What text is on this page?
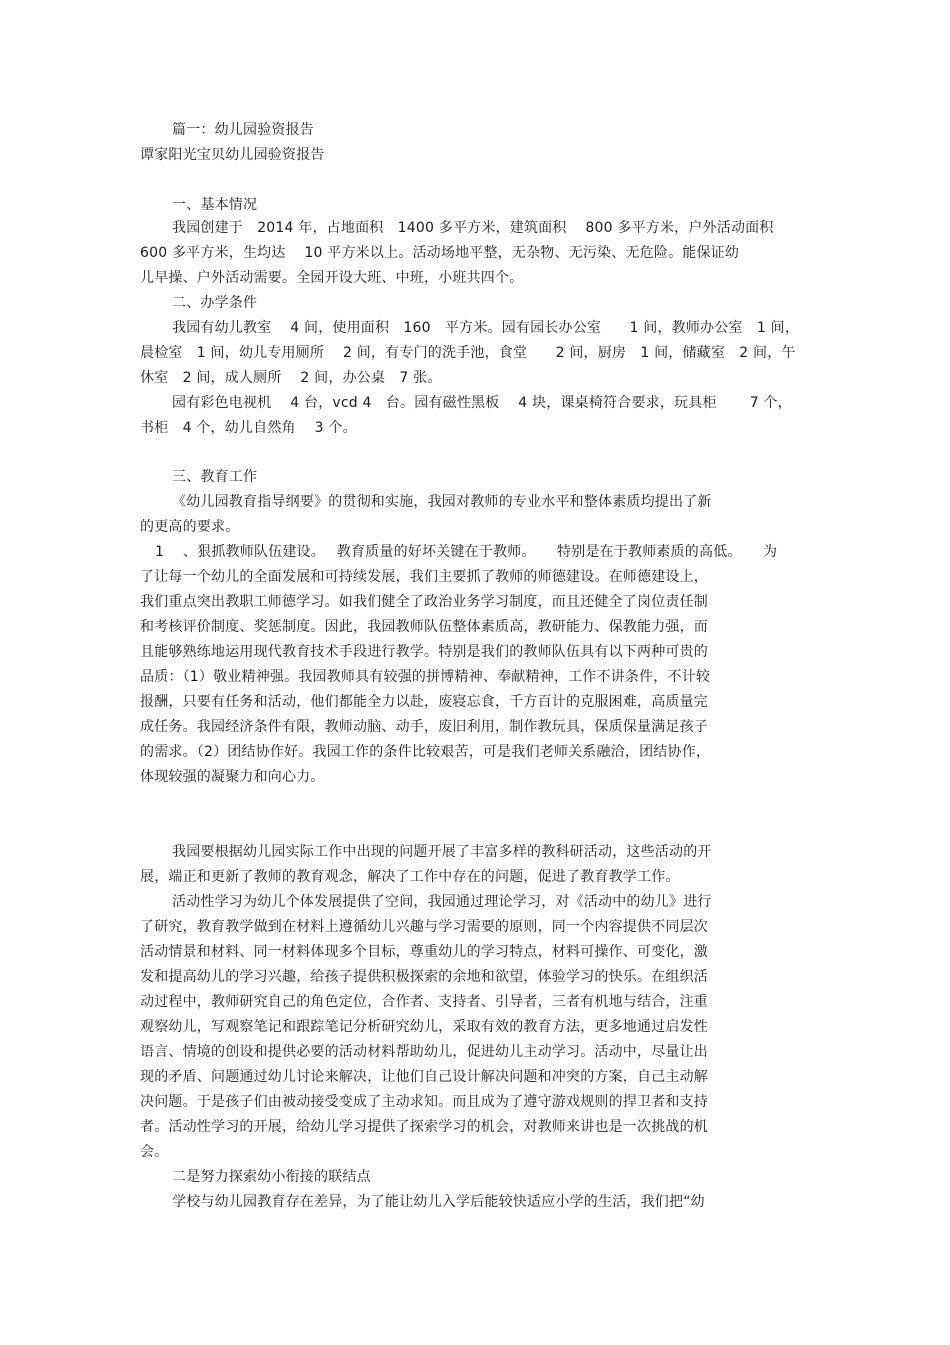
篇一：幼儿园验资报告

谭家阳光宝贝幼儿园验资报告

一、基本情况

我园创建于　2014 年，占地面积　1400 多平方米，建筑面积　 800 多平方米，户外活动面积

600 多平方米，生均达　 10 平方米以上。活动场地平整，无杂物、无污染、无危险。能保证幼

儿早操、户外活动需要。全园开设大班、中班，小班共四个。

二、办学条件

我园有幼儿教室　 4 间，使用面积　160　平方米。园有园长办公室　　1 间，教师办公室　1 间，

晨检室　1 间，幼儿专用厕所　 2 间，有专门的洗手池，食堂　　2 间，厨房　1 间，储藏室　2 间，午

休室　2 间，成人厕所　 2 间，办公桌　7 张。

园有彩色电视机　 4 台，vcd 4　台。园有磁性黑板　 4 块，课桌椅符合要求，玩具柜　　 7 个，

书柜　4 个，幼儿自然角　 3 个。

三、教育工作

《幼儿园教育指导纲要》的贯彻和实施，我园对教师的专业水平和整体素质均提出了新

的更高的要求。

1　 、狠抓教师队伍建设。　 教育质量的好坏关键在于教师。　　特别是在于教师素质的高低。　　为

了让每一个幼儿的全面发展和可持续发展，我们主要抓了教师的师德建设。在师德建设上，

我们重点突出教职工师德学习。如我们健全了政治业务学习制度，而且还健全了岗位责任制

和考核评价制度、奖惩制度。因此，我园教师队伍整体素质高，教研能力、保教能力强，而

且能够熟练地运用现代教育技术手段进行教学。特别是我们的教师队伍具有以下两种可贵的

品质：（1）敬业精神强。我园教师具有较强的拼博精神、奉献精神，工作不讲条件，不计较

报酬，只要有任务和活动，他们都能全力以赴，废寝忘食，千方百计的克服困难，高质量完

成任务。我园经济条件有限，教师动脑、动手，废旧利用，制作教玩具，保质保量满足孩子

的需求。（2）团结协作好。我园工作的条件比较艰苦，可是我们老师关系融洽，团结协作，

体现较强的凝聚力和向心力。

我园要根据幼儿园实际工作中出现的问题开展了丰富多样的教科研活动，这些活动的开

展，端正和更新了教师的教育观念，解决了工作中存在的问题，促进了教育教学工作。

活动性学习为幼儿个体发展提供了空间，我园通过理论学习，对《活动中的幼儿》进行

了研究，教育教学做到在材料上遵循幼儿兴趣与学习需要的原则，同一个内容提供不同层次

活动情景和材料、同一材料体现多个目标，尊重幼儿的学习特点，材料可操作、可变化，激

发和提高幼儿的学习兴趣，给孩子提供积极探索的余地和欲望，体验学习的快乐。在组织活

动过程中，教师研究自己的角色定位，合作者、支持者、引导者，三者有机地与结合，注重

观察幼儿，写观察笔记和跟踪笔记分析研究幼儿，采取有效的教育方法，更多地通过启发性

语言、情境的创设和提供必要的活动材料帮助幼儿，促进幼儿主动学习。活动中，尽量让出

现的矛盾、问题通过幼儿讨论来解决，让他们自己设计解决问题和冲突的方案，自己主动解

决问题。于是孩子们由被动接受变成了主动求知。而且成为了遵守游戏规则的捍卫者和支持

者。活动性学习的开展，给幼儿学习提供了探索学习的机会，对教师来讲也是一次挑战的机

会。

二是努力探索幼小衔接的联结点

学校与幼儿园教育存在差异，为了能让幼儿入学后能较快适应小学的生活，我们把“幼
